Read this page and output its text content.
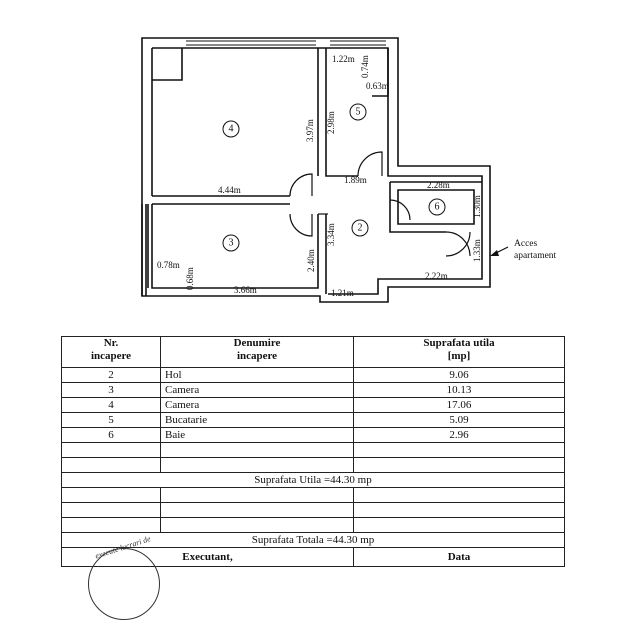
4
5
2
6
3
1.22m 0.74m
0.63m
2.98m
3.97m
4.44m
1.89m	2.28m
1.30m
3.34m
2.40m
0.78m
0.68m	3.66m	1.21m
2.22m
1.33m	Acces
apartament
Nr.
incapere	Denumire
incapere	Suprafata utila
[mp]
2	Hol	9.06
3	Camera	10.13
4	Camera	17.06
5	Bucatarie	5.09
6	Baie	2.96

Suprafata Utila =44.30 mp		

Suprafata Totala =44.30 mp		
Executant,		Data
execute lucrari de
